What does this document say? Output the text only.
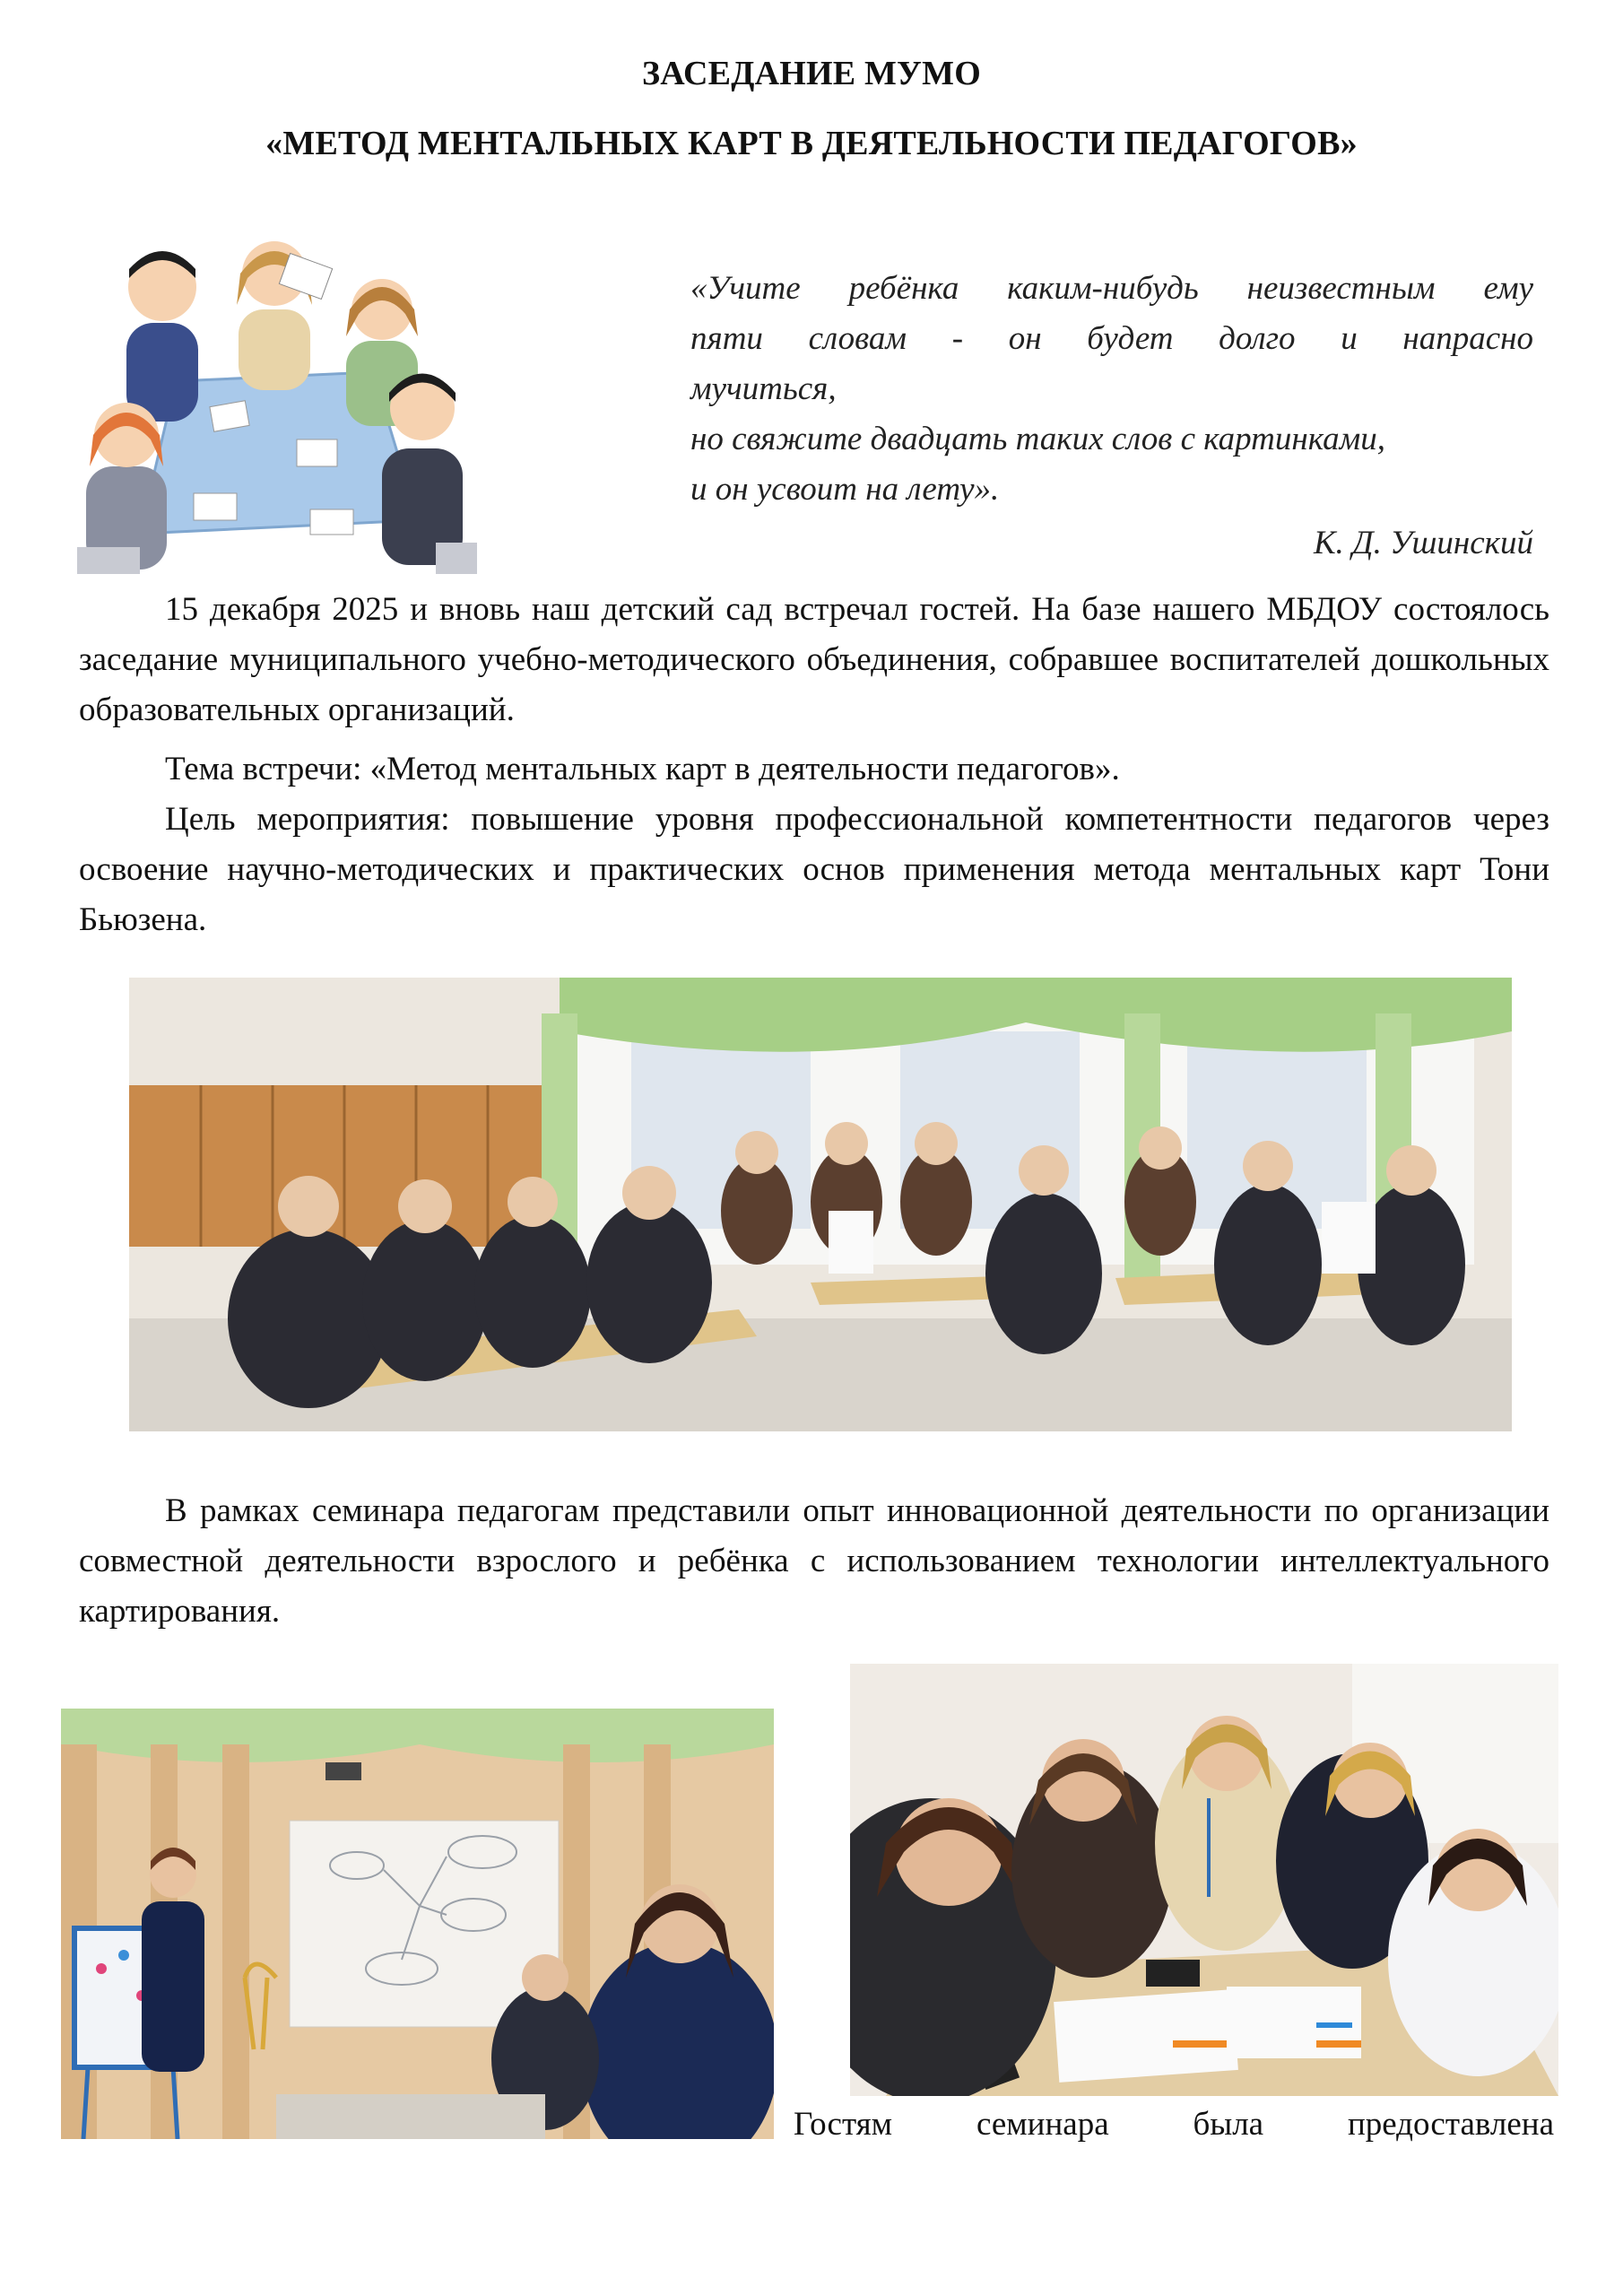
ЗАСЕДАНИЕ МУМО
«МЕТОД МЕНТАЛЬНЫХ КАРТ В ДЕЯТЕЛЬНОСТИ ПЕДАГОГОВ»
«Учите ребёнка каким-нибудь неизвестным ему
пяти словам - он будет долго и напрасно
мучиться,
но свяжите двадцать таких слов с картинками,
и он усвоит на лету».
К. Д. Ушинский
15 декабря 2025 и вновь наш детский сад встречал гостей. На базе нашего МБДОУ состоялось заседание муниципального учебно-методического объединения, собравшее воспитателей дошкольных образовательных организаций.
Тема встречи: «Метод ментальных карт в деятельности педагогов».
Цель мероприятия: повышение уровня профессиональной компетентности педагогов через освоение научно-методических и практических основ применения метода ментальных карт Тони Бьюзена.
В рамках семинара педагогам представили опыт инновационной деятельности по организации совместной деятельности взрослого и ребёнка с использованием технологии интеллектуального картирования.
Гостям семинара была предоставлена
